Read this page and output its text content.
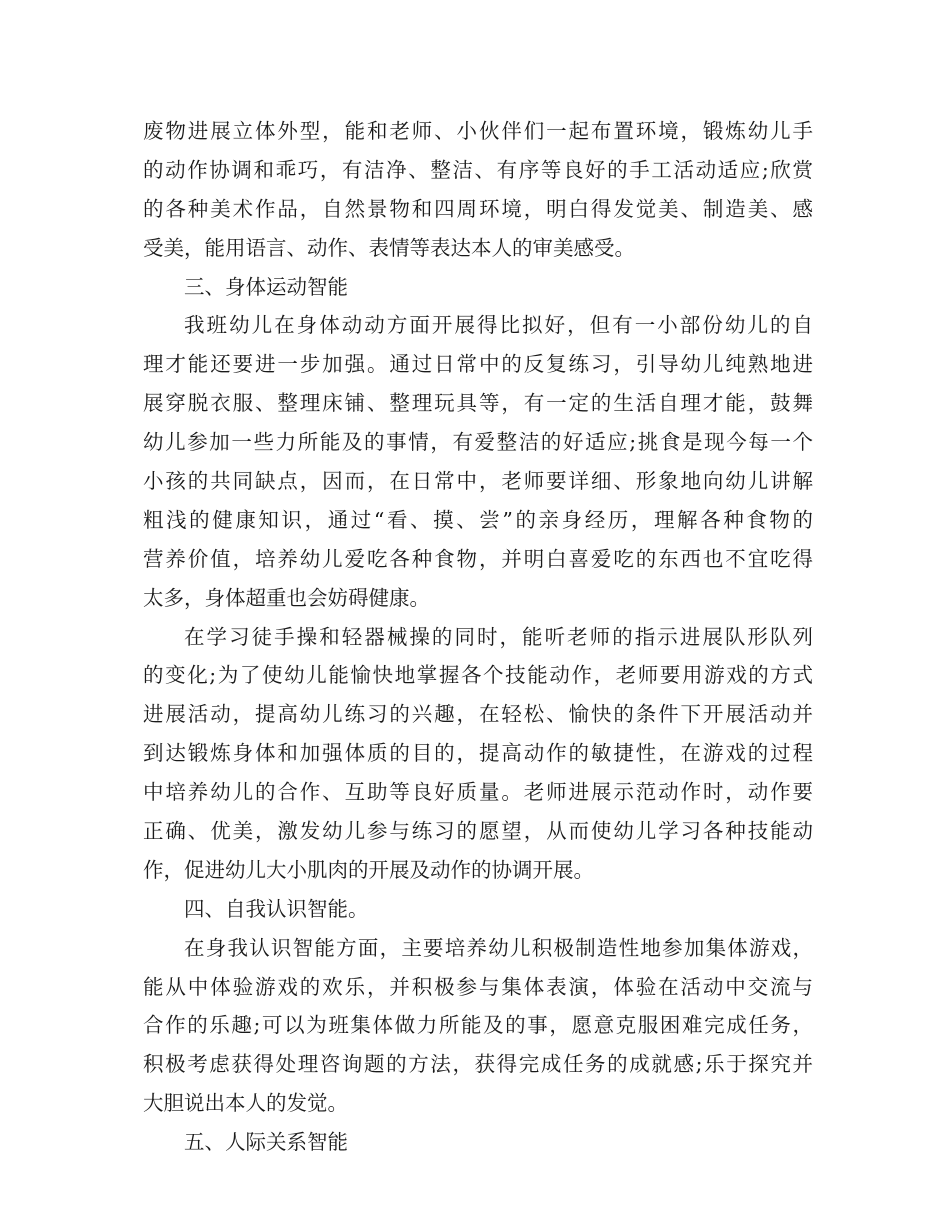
废物进展立体外型，能和老师、小伙伴们一起布置环境，锻炼幼儿手
的动作协调和乖巧，有洁净、整洁、有序等良好的手工活动适应;欣赏
的各种美术作品，自然景物和四周环境，明白得发觉美、制造美、感
受美，能用语言、动作、表情等表达本人的审美感受。
三、身体运动智能
我班幼儿在身体动动方面开展得比拟好，但有一小部份幼儿的自
理才能还要进一步加强。通过日常中的反复练习，引导幼儿纯熟地进
展穿脱衣服、整理床铺、整理玩具等，有一定的生活自理才能，鼓舞
幼儿参加一些力所能及的事情，有爱整洁的好适应;挑食是现今每一个
小孩的共同缺点，因而，在日常中，老师要详细、形象地向幼儿讲解
粗浅的健康知识，通过“看、摸、尝”的亲身经历，理解各种食物的
营养价值，培养幼儿爱吃各种食物，并明白喜爱吃的东西也不宜吃得
太多，身体超重也会妨碍健康。
在学习徒手操和轻器械操的同时，能听老师的指示进展队形队列
的变化;为了使幼儿能愉快地掌握各个技能动作，老师要用游戏的方式
进展活动，提高幼儿练习的兴趣，在轻松、愉快的条件下开展活动并
到达锻炼身体和加强体质的目的，提高动作的敏捷性，在游戏的过程
中培养幼儿的合作、互助等良好质量。老师进展示范动作时，动作要
正确、优美，激发幼儿参与练习的愿望，从而使幼儿学习各种技能动
作，促进幼儿大小肌肉的开展及动作的协调开展。
四、自我认识智能。
在身我认识智能方面，主要培养幼儿积极制造性地参加集体游戏，
能从中体验游戏的欢乐，并积极参与集体表演，体验在活动中交流与
合作的乐趣;可以为班集体做力所能及的事，愿意克服困难完成任务，
积极考虑获得处理咨询题的方法，获得完成任务的成就感;乐于探究并
大胆说出本人的发觉。
五、人际关系智能
